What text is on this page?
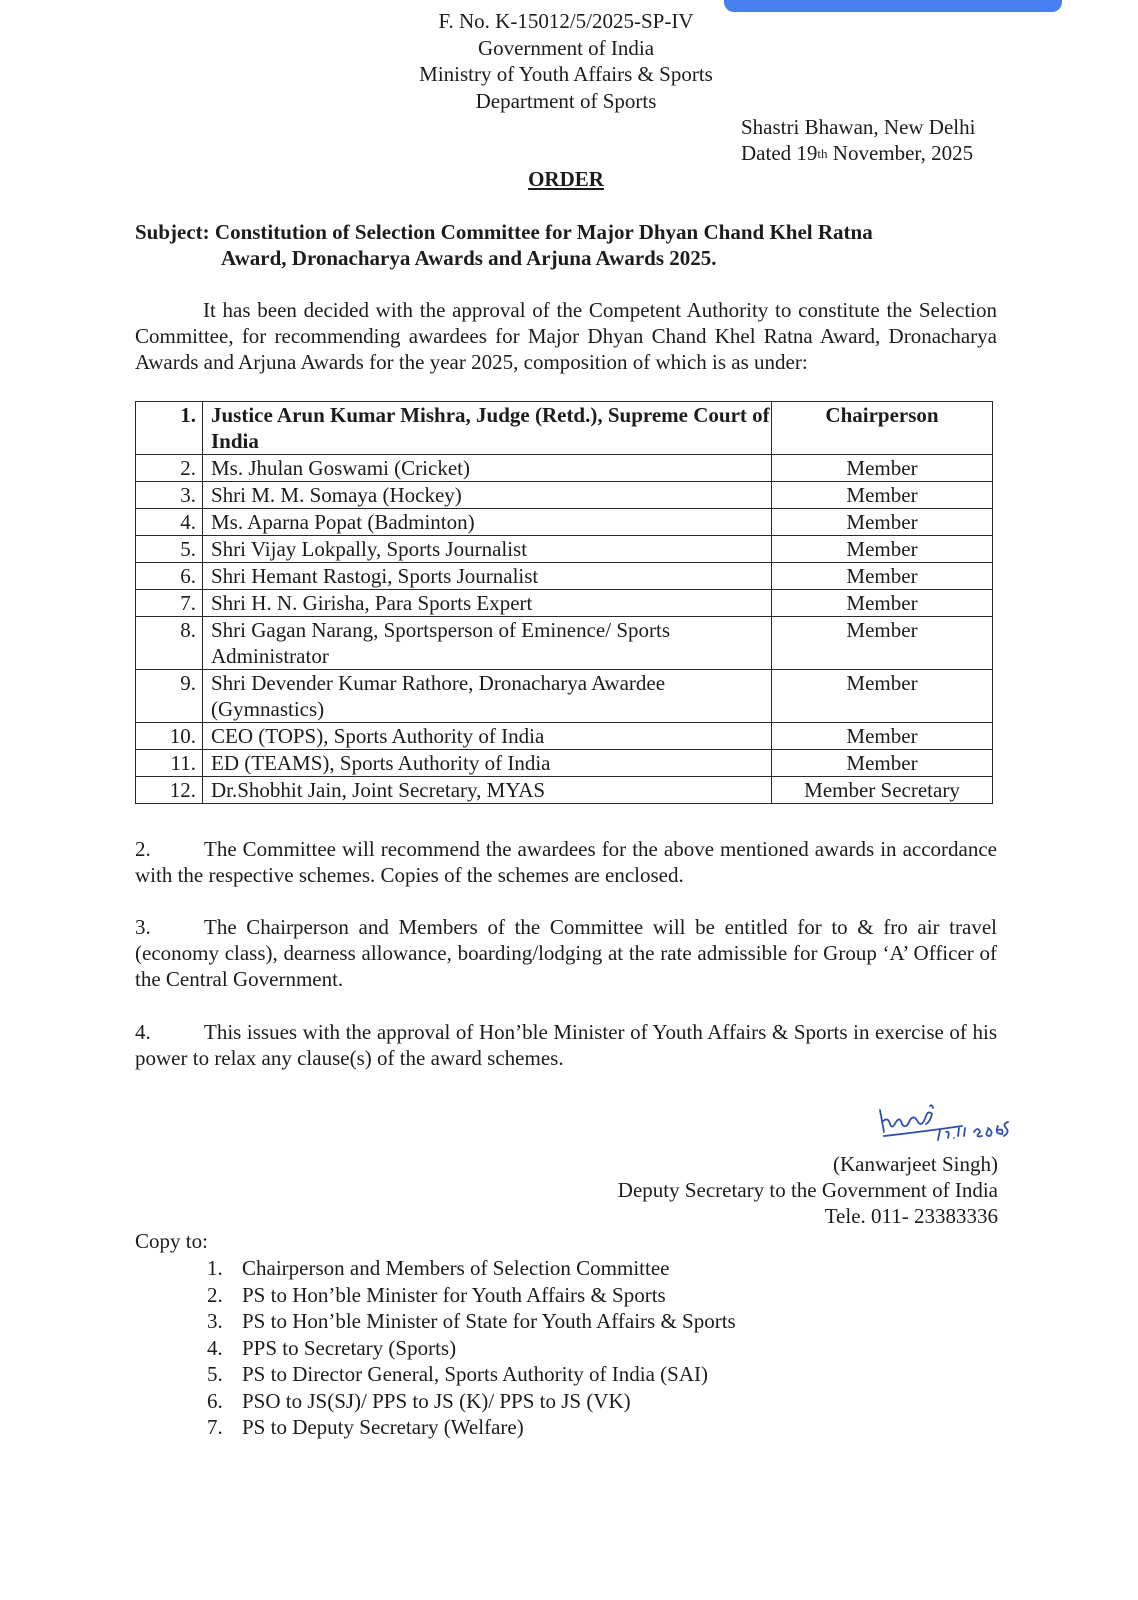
F. No. K-15012/5/2025-SP-IV
Government of India
Ministry of Youth Affairs & Sports
Department of Sports
Shastri Bhawan, New Delhi
Dated 19th November, 2025
ORDER
Subject: Constitution of Selection Committee for Major Dhyan Chand Khel Ratna
Award, Dronacharya Awards and Arjuna Awards 2025.
It has been decided with the approval of the Competent Authority to constitute the Selection Committee, for recommending awardees for Major Dhyan Chand Khel Ratna Award, Dronacharya Awards and Arjuna Awards for the year 2025, composition of which is as under:
1.	Justice Arun Kumar Mishra, Judge (Retd.), Supreme Court of India	Chairperson
2.	Ms. Jhulan Goswami (Cricket)	Member
3.	Shri M. M. Somaya (Hockey)	Member
4.	Ms. Aparna Popat (Badminton)	Member
5.	Shri Vijay Lokpally, Sports Journalist	Member
6.	Shri Hemant Rastogi, Sports Journalist	Member
7.	Shri H. N. Girisha, Para Sports Expert	Member
8.	Shri Gagan Narang, Sportsperson of Eminence/ Sports Administrator	Member
9.	Shri Devender Kumar Rathore, Dronacharya Awardee (Gymnastics)	Member
10.	CEO (TOPS), Sports Authority of India	Member
11.	ED (TEAMS), Sports Authority of India	Member
12.	Dr.Shobhit Jain, Joint Secretary, MYAS	Member Secretary
2.	The Committee will recommend the awardees for the above mentioned awards in accordance with the respective schemes. Copies of the schemes are enclosed.
3.	The Chairperson and Members of the Committee will be entitled for to & fro air travel (economy class), dearness allowance, boarding/lodging at the rate admissible for Group ‘A’ Officer of the Central Government.
4.	This issues with the approval of Hon’ble Minister of Youth Affairs & Sports in exercise of his power to relax any clause(s) of the award schemes.
(Kanwarjeet Singh)
Deputy Secretary to the Government of India
Tele. 011- 23383336
Copy to:
1. Chairperson and Members of Selection Committee
2. PS to Hon’ble Minister for Youth Affairs & Sports
3. PS to Hon’ble Minister of State for Youth Affairs & Sports
4. PPS to Secretary (Sports)
5. PS to Director General, Sports Authority of India (SAI)
6. PSO to JS(SJ)/ PPS to JS (K)/ PPS to JS (VK)
7. PS to Deputy Secretary (Welfare)
